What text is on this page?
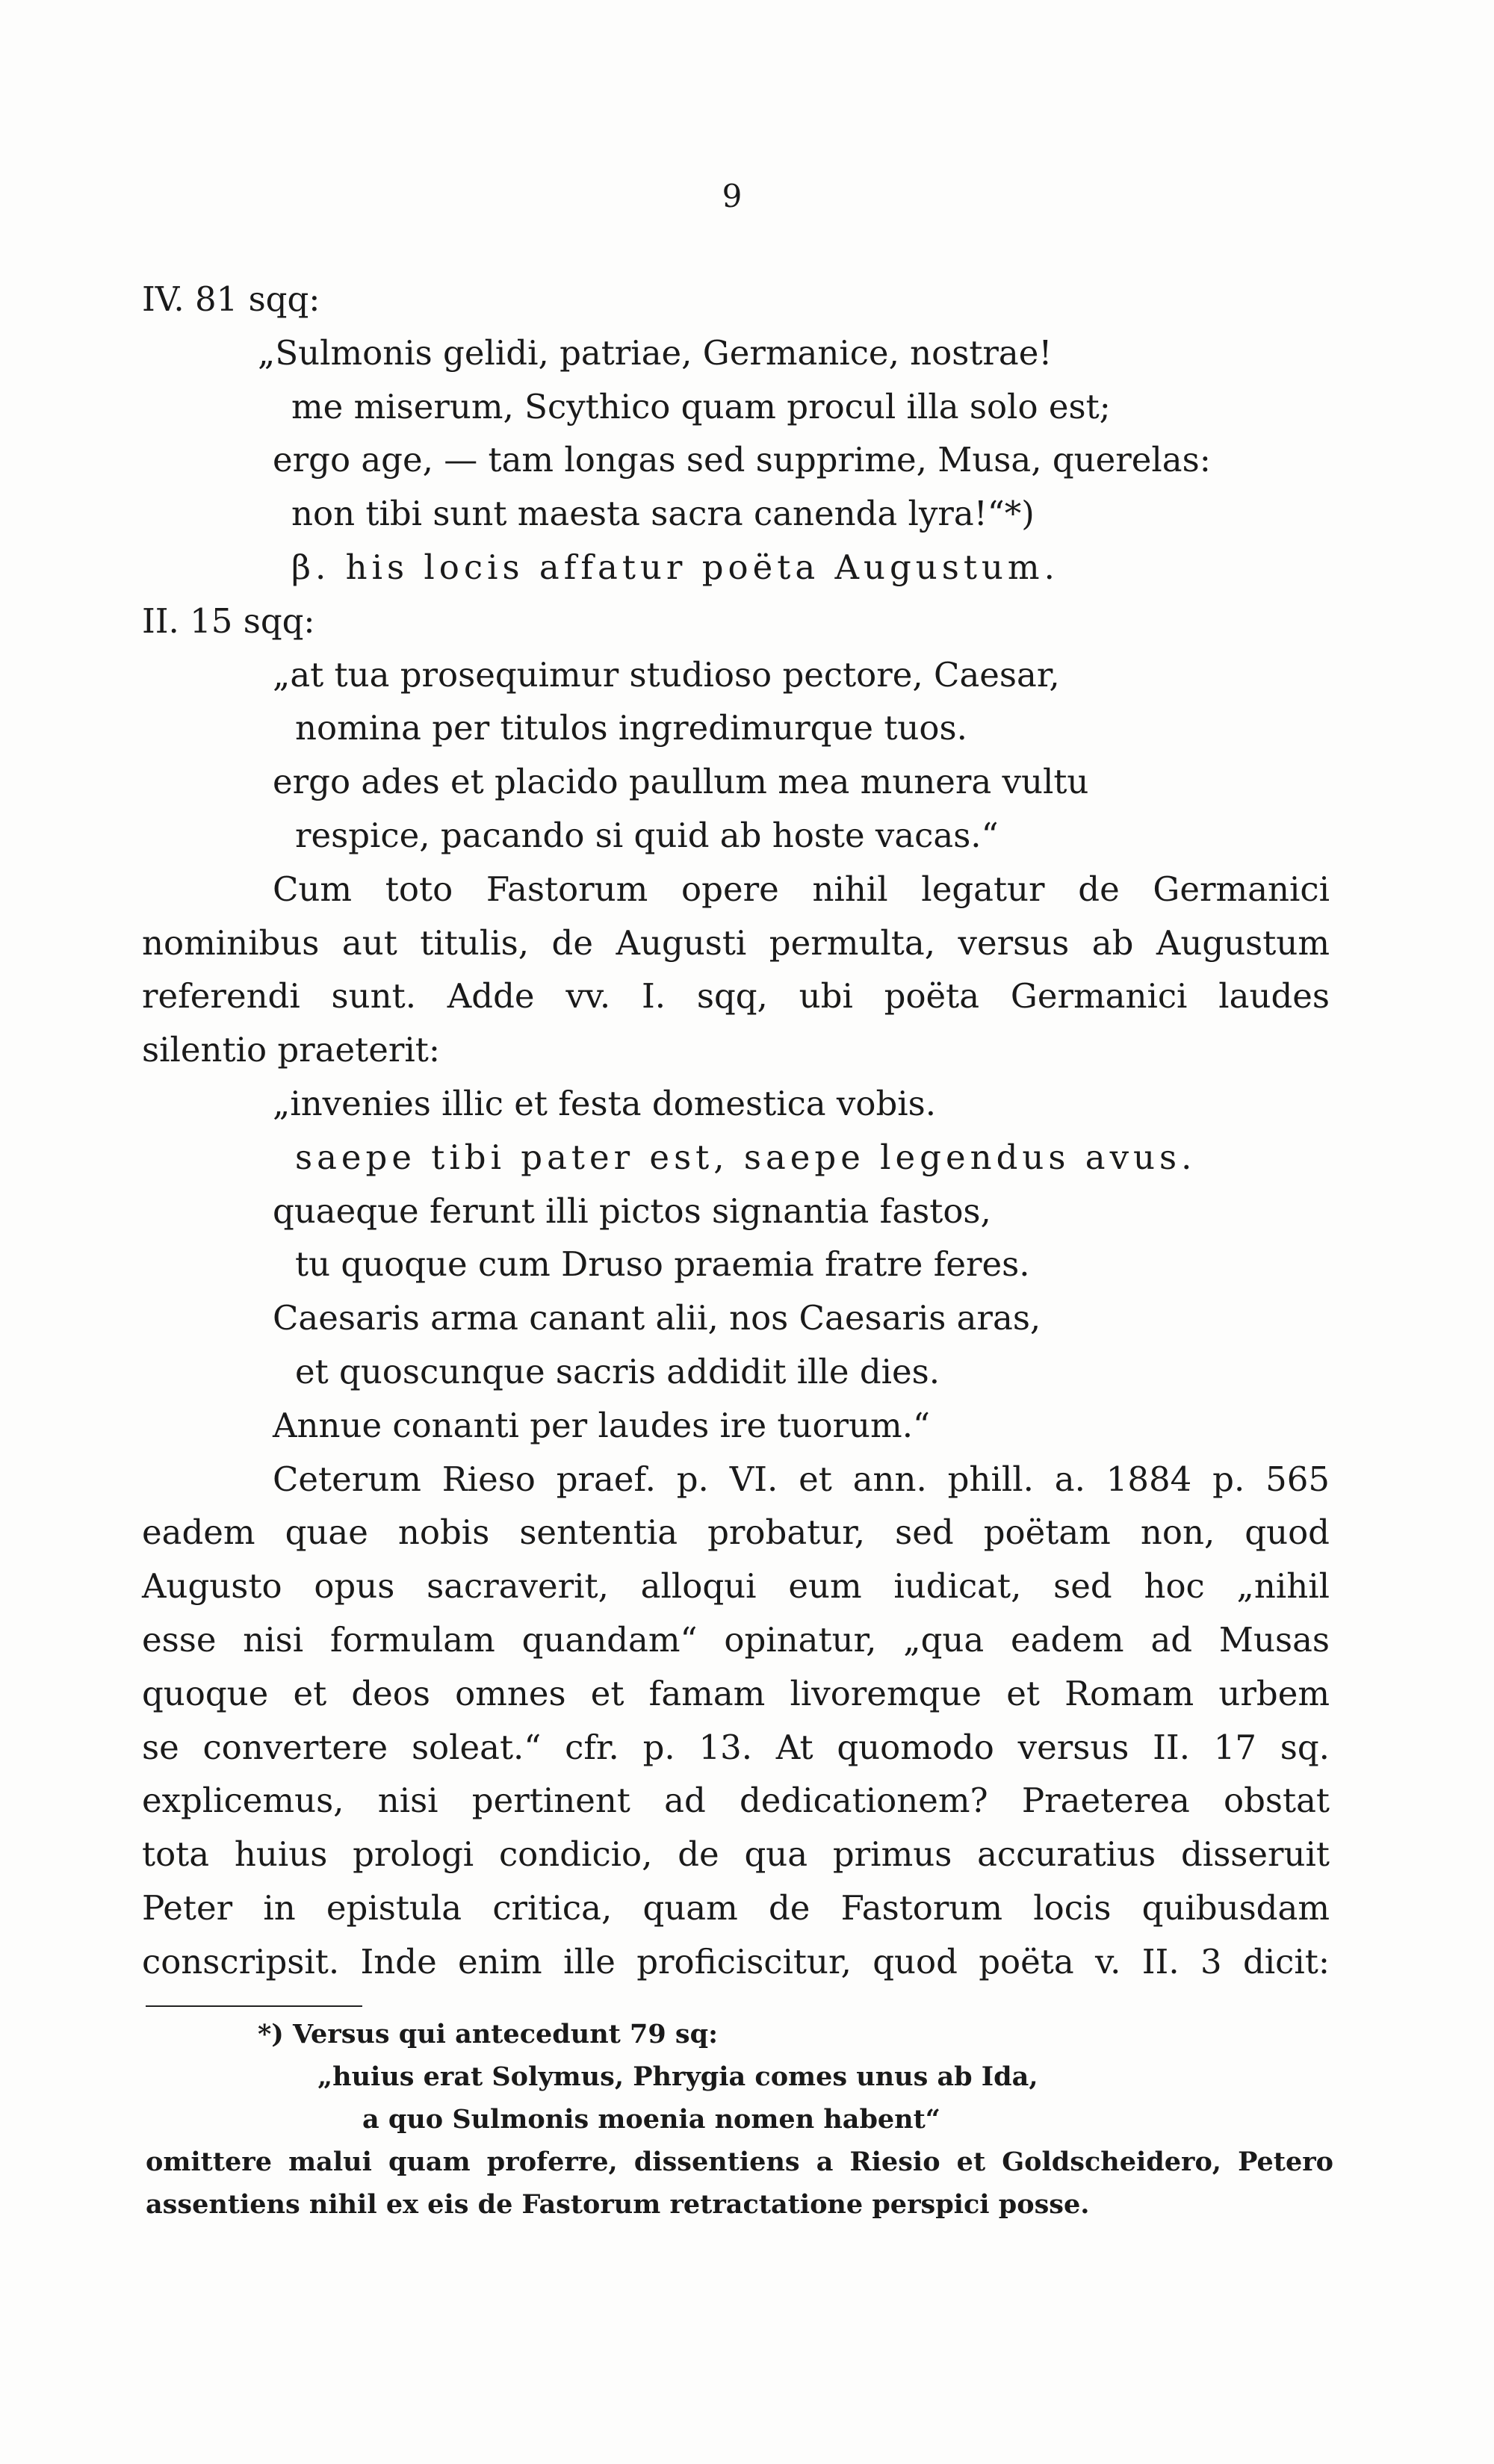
9
IV. 81 sqq:
„Sulmonis gelidi, patriae, Germanice, nostrae!
me miserum, Scythico quam procul illa solo est;
ergo age, — tam longas sed supprime, Musa, querelas:
non tibi sunt maesta sacra canenda lyra!“*)
β. his locis affatur poëta Augustum.
II. 15 sqq:
„at tua prosequimur studioso pectore, Caesar,
nomina per titulos ingredimurque tuos.
ergo ades et placido paullum mea munera vultu
respice, pacando si quid ab hoste vacas.“
Cum toto Fastorum opere nihil legatur de Germanici
nominibus aut titulis, de Augusti permulta, versus ab Augustum
referendi sunt. Adde vv. I. sqq, ubi poëta Germanici laudes
silentio praeterit:
„invenies illic et festa domestica vobis.
saepe tibi pater est, saepe legendus avus.
quaeque ferunt illi pictos signantia fastos,
tu quoque cum Druso praemia fratre feres.
Caesaris arma canant alii, nos Caesaris aras,
et quoscunque sacris addidit ille dies.
Annue conanti per laudes ire tuorum.“
Ceterum Rieso praef. p. VI. et ann. phill. a. 1884 p. 565
eadem quae nobis sententia probatur, sed poëtam non, quod
Augusto opus sacraverit, alloqui eum iudicat, sed hoc „nihil
esse nisi formulam quandam“ opinatur, „qua eadem ad Musas
quoque et deos omnes et famam livoremque et Romam urbem
se convertere soleat.“ cfr. p. 13. At quomodo versus II. 17 sq.
explicemus, nisi pertinent ad dedicationem? Praeterea obstat
tota huius prologi condicio, de qua primus accuratius disseruit
Peter in epistula critica, quam de Fastorum locis quibusdam
conscripsit. Inde enim ille proficiscitur, quod poëta v. II. 3 dicit:
*) Versus qui antecedunt 79 sq:
„huius erat Solymus, Phrygia comes unus ab Ida,
a quo Sulmonis moenia nomen habent“
omittere malui quam proferre, dissentiens a Riesio et Goldscheidero, Petero
assentiens nihil ex eis de Fastorum retractatione perspici posse.
